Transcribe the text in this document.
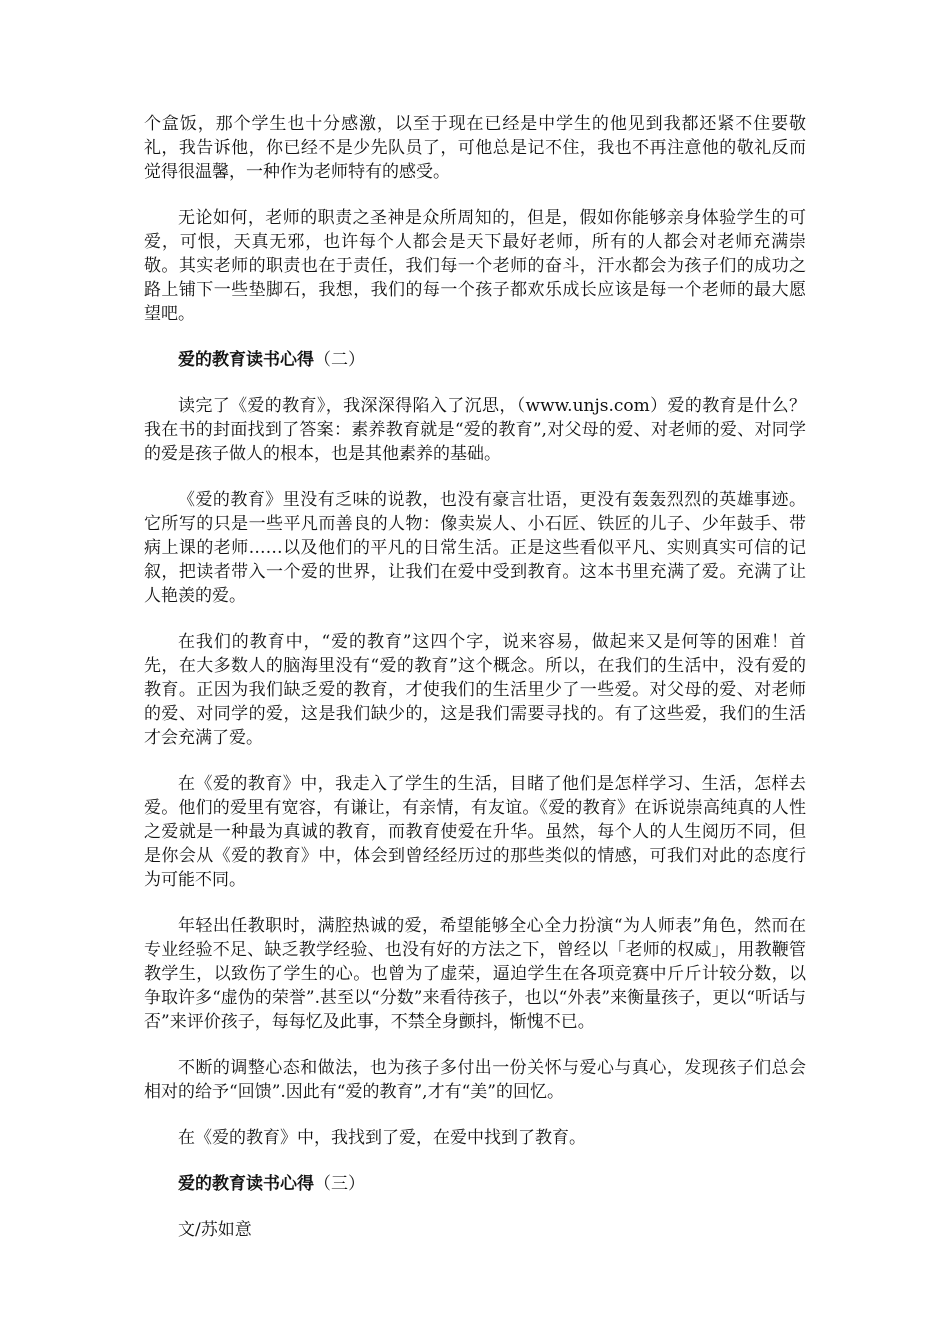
个盒饭，那个学生也十分感激，以至于现在已经是中学生的他见到我都还紧不住要敬礼，我告诉他，你已经不是少先队员了，可他总是记不住，我也不再注意他的敬礼反而觉得很温馨，一种作为老师特有的感受。

无论如何，老师的职责之圣神是众所周知的，但是，假如你能够亲身体验学生的可爱，可恨，天真无邪，也许每个人都会是天下最好老师，所有的人都会对老师充满崇敬。其实老师的职责也在于责任，我们每一个老师的奋斗，汗水都会为孩子们的成功之路上铺下一些垫脚石，我想，我们的每一个孩子都欢乐成长应该是每一个老师的最大愿望吧。

爱的教育读书心得（二）

读完了《爱的教育》，我深深得陷入了沉思，（www.unjs.com）爱的教育是什么？我在书的封面找到了答案：素养教育就是“爱的教育”,对父母的爱、对老师的爱、对同学的爱是孩子做人的根本，也是其他素养的基础。

《爱的教育》里没有乏味的说教，也没有豪言壮语，更没有轰轰烈烈的英雄事迹。它所写的只是一些平凡而善良的人物：像卖炭人、小石匠、铁匠的儿子、少年鼓手、带病上课的老师……以及他们的平凡的日常生活。正是这些看似平凡、实则真实可信的记叙，把读者带入一个爱的世界，让我们在爱中受到教育。这本书里充满了爱。充满了让人艳羡的爱。

在我们的教育中，“爱的教育”这四个字，说来容易，做起来又是何等的困难！首先，在大多数人的脑海里没有“爱的教育”这个概念。所以，在我们的生活中，没有爱的教育。正因为我们缺乏爱的教育，才使我们的生活里少了一些爱。对父母的爱、对老师的爱、对同学的爱，这是我们缺少的，这是我们需要寻找的。有了这些爱，我们的生活才会充满了爱。

在《爱的教育》中，我走入了学生的生活，目睹了他们是怎样学习、生活，怎样去爱。他们的爱里有宽容，有谦让，有亲情，有友谊。《爱的教育》在诉说崇高纯真的人性之爱就是一种最为真诚的教育，而教育使爱在升华。虽然，每个人的人生阅历不同，但是你会从《爱的教育》中，体会到曾经经历过的那些类似的情感，可我们对此的态度行为可能不同。

年轻出任教职时，满腔热诚的爱，希望能够全心全力扮演“为人师表”角色，然而在专业经验不足、缺乏教学经验、也没有好的方法之下，曾经以「老师的权威」，用教鞭管教学生，以致伤了学生的心。也曾为了虚荣，逼迫学生在各项竞赛中斤斤计较分数，以争取许多“虚伪的荣誉”.甚至以“分数”来看待孩子，也以“外表”来衡量孩子，更以“听话与否”来评价孩子，每每忆及此事，不禁全身颤抖，惭愧不已。

不断的调整心态和做法，也为孩子多付出一份关怀与爱心与真心，发现孩子们总会相对的给予“回馈”.因此有“爱的教育”,才有“美”的回忆。

在《爱的教育》中，我找到了爱，在爱中找到了教育。

爱的教育读书心得（三）

文/苏如意
